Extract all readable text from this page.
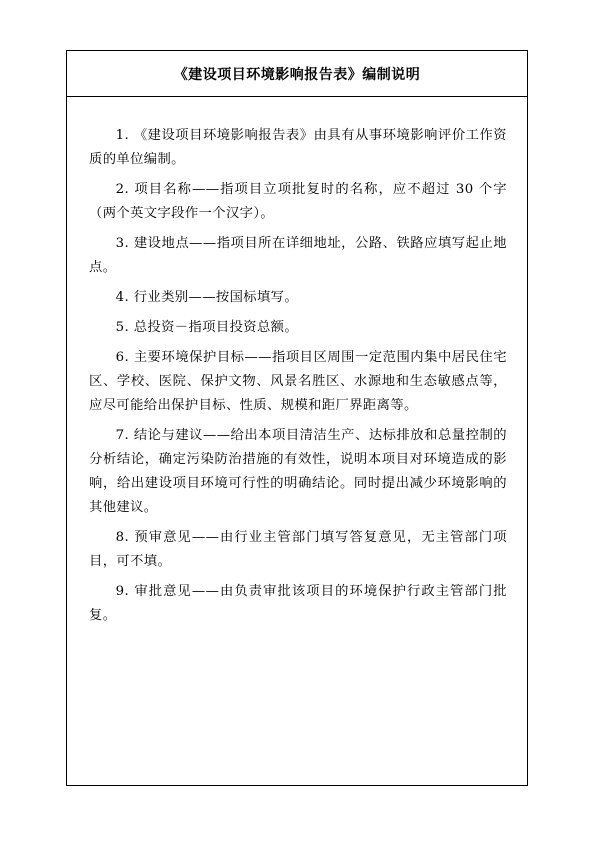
《建设项目环境影响报告表》编制说明

1. 《建设项目环境影响报告表》由具有从事环境影响评价工作资质的单位编制。

2. 项目名称——指项目立项批复时的名称，应不超过 30 个字（两个英文字段作一个汉字）。

3. 建设地点——指项目所在详细地址，公路、铁路应填写起止地点。

4. 行业类别——按国标填写。

5. 总投资－指项目投资总额。

6. 主要环境保护目标——指项目区周围一定范围内集中居民住宅区、学校、医院、保护文物、风景名胜区、水源地和生态敏感点等，应尽可能给出保护目标、性质、规模和距厂界距离等。

7. 结论与建议——给出本项目清洁生产、达标排放和总量控制的分析结论，确定污染防治措施的有效性，说明本项目对环境造成的影响，给出建设项目环境可行性的明确结论。同时提出减少环境影响的其他建议。

8. 预审意见——由行业主管部门填写答复意见，无主管部门项目，可不填。

9. 审批意见——由负责审批该项目的环境保护行政主管部门批复。
